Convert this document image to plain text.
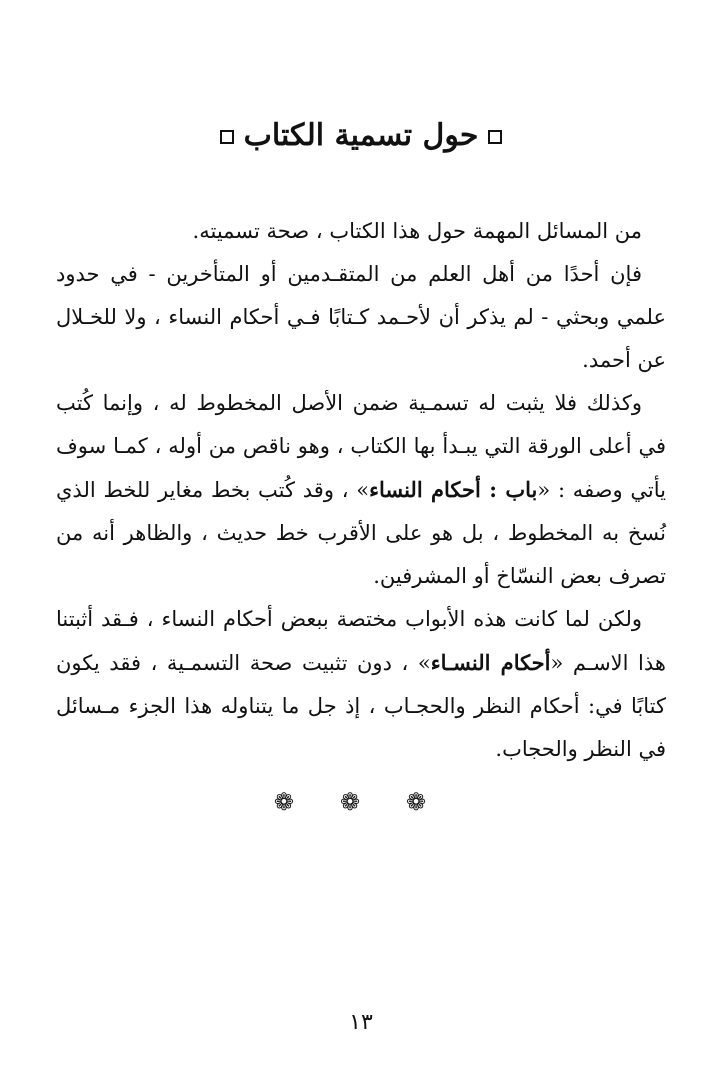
حول تسمية الكتاب

من المسائل المهمة حول هذا الكتاب ، صحة تسميته.

فإن أحدًا من أهل العلم من المتقـدمين أو المتأخرين - في حدود علمي وبحثي - لم يذكر أن لأحـمد كـتابًا فـي أحكام النساء ، ولا للخـلال عن أحمد.

وكذلك فلا يثبت له تسمـية ضمن الأصل المخطوط له ، وإنما كُتب في أعلى الورقة التي يبـدأ بها الكتاب ، وهو ناقص من أوله ، كمـا سوف يأتي وصفه : «باب : أحكام النساء» ، وقد كُتب بخط مغاير للخط الذي نُسخ به المخطوط ، بل هو على الأقرب خط حديث ، والظاهر أنه من تصرف بعض النسّاخ أو المشرفين.

ولكن لما كانت هذه الأبواب مختصة ببعض أحكام النساء ، فـقد أثبتنا هذا الاسـم «أحكام النسـاء» ، دون تثبيت صحة التسمـية ، فقد يكون كتابًا في: أحكام النظر والحجـاب ، إذ جل ما يتناوله هذا الجزء مـسائل في النظر والحجاب.

❁ ❁ ❁
١٣
